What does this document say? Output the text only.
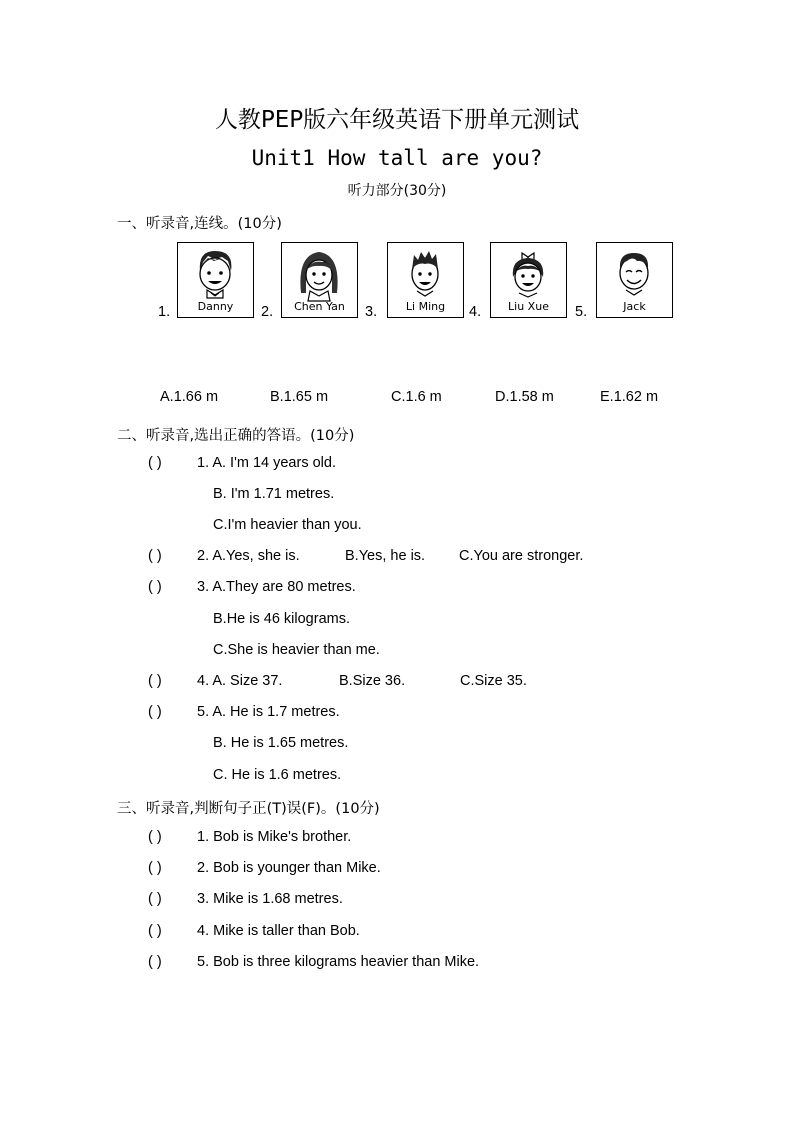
人教PEP版六年级英语下册单元测试
Unit1 How tall are you?
听力部分(30分)
一、听录音,连线。(10分)
1.	Danny	2.	Chen Yan	3.	Li Ming	4.	Liu Xue	5.	Jack
A.1.66 m	B.1.65 m	C.1.6 m	D.1.58 m	E.1.62 m
二、听录音,选出正确的答语。(10分)
( ) 1. A. I'm 14 years old.
B. I'm 1.71 metres.
C.I'm heavier than you.
( ) 2. A.Yes, she is.	B.Yes, he is. C.You are stronger.
( ) 3. A.They are 80 metres.
B.He is 46 kilograms.
C.She is heavier than me.
( ) 4. A. Size 37.	B.Size 36.	C.Size 35.
( ) 5. A. He is 1.7 metres.
B. He is 1.65 metres.
C. He is 1.6 metres.
三、听录音,判断句子正(T)误(F)。(10分)
( ) 1. Bob is Mike's brother.
( ) 2. Bob is younger than Mike.
( ) 3. Mike is 1.68 metres.
( ) 4. Mike is taller than Bob.
( ) 5. Bob is three kilograms heavier than Mike.
